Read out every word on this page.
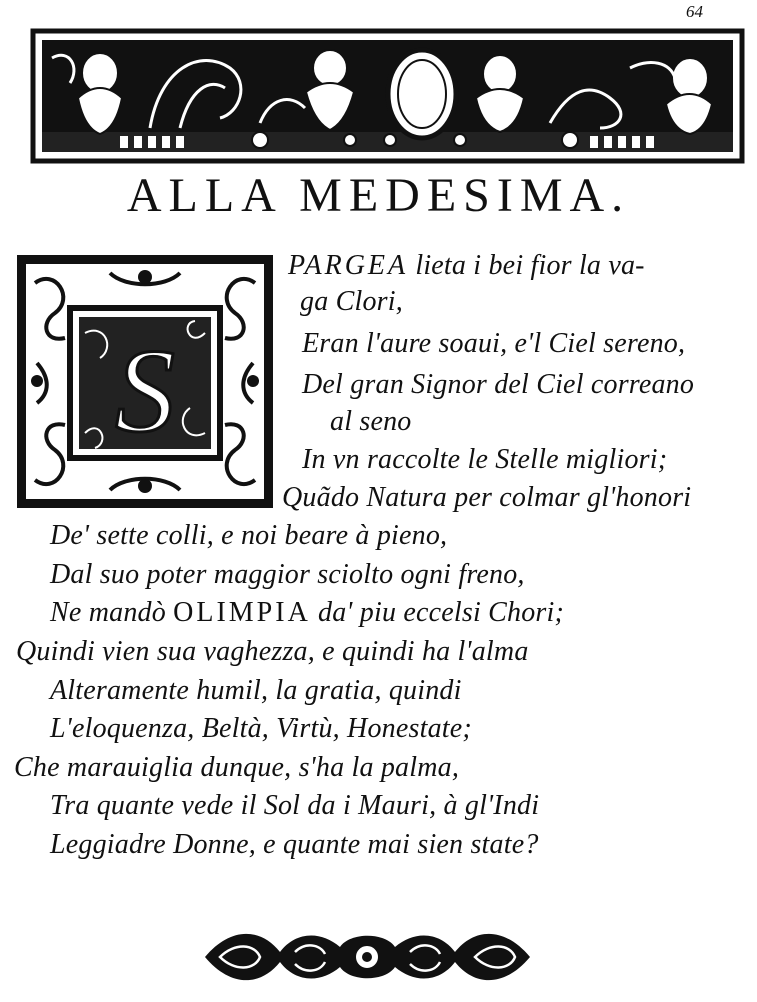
64
ALLA MEDESIMA.
S
PARGEA lieta i bei fior la va-
ga Clori,
Eran l'aure soaui, e'l Ciel sereno,
Del gran Signor del Ciel correano
al seno
In vn raccolte le Stelle migliori;
Quãdo Natura per colmar gl'honori
De' sette colli, e noi beare à pieno,
Dal suo poter maggior sciolto ogni freno,
Ne mandò OLIMPIA da' piu eccelsi Chori;
Quindi vien sua vaghezza, e quindi ha l'alma
Alteramente humil, la gratia, quindi
L'eloquenza, Beltà, Virtù, Honestate;
Che marauiglia dunque, s'ha la palma,
Tra quante vede il Sol da i Mauri, à gl'Indi
Leggiadre Donne, e quante mai sien state?
